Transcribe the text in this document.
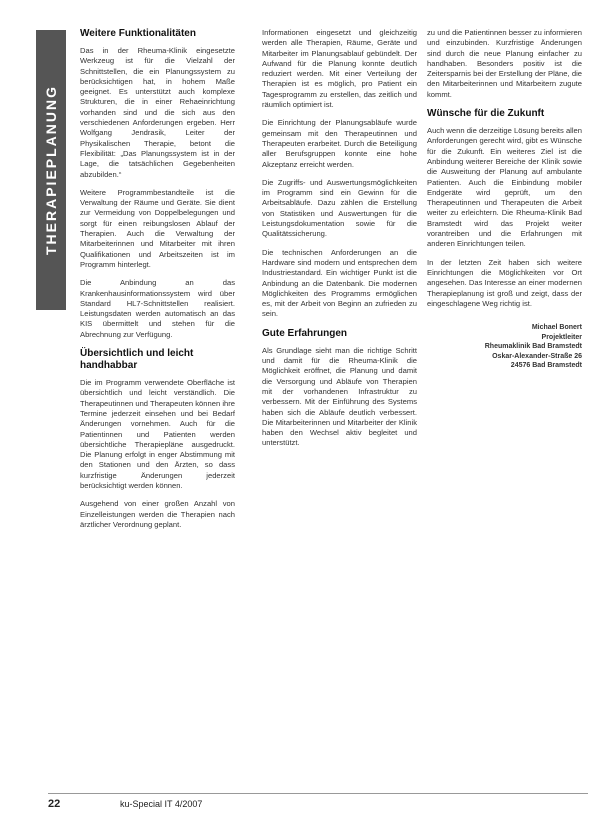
THERAPIEPLANUNG
Weitere Funktionalitäten

Das in der Rheuma-Klinik eingesetzte Werkzeug ist für die Vielzahl der Schnittstellen, die ein Planungssystem zu berücksichtigen hat, in hohem Maße geeignet. Es unterstützt auch komplexe Strukturen, die in einer Rehaeinrichtung vorhanden sind und die sich aus den verschiedenen Anforderungen ergeben. Herr Wolfgang Jendrasik, Leiter der Physikalischen Therapie, betont die Flexibilität: „Das Planungssystem ist in der Lage, die tatsächlichen Gegebenheiten abzubilden.“

Weitere Programmbestandteile ist die Verwaltung der Räume und Geräte. Sie dient zur Vermeidung von Doppelbelegungen und sorgt für einen reibungslosen Ablauf der Therapien. Auch die Verwaltung der Mitarbeiterinnen und Mitarbeiter mit ihren Qualifikationen und Arbeitszeiten ist im Programm hinterlegt.

Die Anbindung an das Krankenhausinformationssystem wird über Standard HL7-Schnittstellen realisiert. Leistungsdaten werden automatisch an das KIS übermittelt und stehen für die Abrechnung zur Verfügung.

Übersichtlich und leicht handhabbar

Die im Programm verwendete Oberfläche ist übersichtlich und leicht verständlich. Die Therapeutinnen und Therapeuten können ihre Termine jederzeit einsehen und bei Bedarf Änderungen vornehmen. Auch für die Patientinnen und Patienten werden übersichtliche Therapiepläne ausgedruckt. Die Planung erfolgt in enger Abstimmung mit den Stationen und den Ärzten, so dass kurzfristige Änderungen jederzeit berücksichtigt werden können.

Ausgehend von einer großen Anzahl von Einzelleistungen werden die Therapien nach ärztlicher Verordnung geplant.

Informationen eingesetzt und gleichzeitig werden alle Therapien, Räume, Geräte und Mitarbeiter im Planungsablauf gebündelt. Der Aufwand für die Planung konnte deutlich reduziert werden. Mit einer Verteilung der Therapien ist es möglich, pro Patient ein Tagesprogramm zu erstellen, das zeitlich und räumlich optimiert ist.

Die Einrichtung der Planungsabläufe wurde gemeinsam mit den Therapeutinnen und Therapeuten erarbeitet. Durch die Beteiligung aller Berufsgruppen konnte eine hohe Akzeptanz erreicht werden.

Die Zugriffs- und Auswertungsmöglichkeiten im Programm sind ein Gewinn für die Arbeitsabläufe. Dazu zählen die Erstellung von Statistiken und Auswertungen für die Leistungsdokumentation sowie für die Qualitätssicherung.

Die technischen Anforderungen an die Hardware sind modern und entsprechen dem Industriestandard. Ein wichtiger Punkt ist die Anbindung an die Datenbank. Die modernen Möglichkeiten des Programms ermöglichen es, mit der Arbeit von Beginn an zufrieden zu sein.

Gute Erfahrungen

Als Grundlage sieht man die richtige Schritt und damit für die Rheuma-Klinik die Möglichkeit eröffnet, die Planung und damit die Versorgung und Abläufe von Therapien mit der vorhandenen Infrastruktur zu verbessern. Mit der Einführung des Systems haben sich die Abläufe deutlich verbessert. Die Mitarbeiterinnen und Mitarbeiter der Klinik haben den Wechsel aktiv begleitet und unterstützt.

zu und die Patientinnen besser zu informieren und einzubinden. Kurzfristige Änderungen sind durch die neue Planung einfacher zu handhaben. Besonders positiv ist die Zeitersparnis bei der Erstellung der Pläne, die den Mitarbeiterinnen und Mitarbeitern zugute kommt.

Wünsche für die Zukunft

Auch wenn die derzeitige Lösung bereits allen Anforderungen gerecht wird, gibt es Wünsche für die Zukunft. Ein weiteres Ziel ist die Anbindung weiterer Bereiche der Klinik sowie die Ausweitung der Planung auf ambulante Patienten. Auch die Einbindung mobiler Endgeräte wird geprüft, um den Therapeutinnen und Therapeuten die Arbeit weiter zu erleichtern. Die Rheuma-Klinik Bad Bramstedt wird das Projekt weiter vorantreiben und die Erfahrungen mit anderen Einrichtungen teilen.

In der letzten Zeit haben sich weitere Einrichtungen die Möglichkeiten vor Ort angesehen. Das Interesse an einer modernen Therapieplanung ist groß und zeigt, dass der eingeschlagene Weg richtig ist.

Michael Bonert
Projektleiter
Rheumaklinik Bad Bramstedt
Oskar-Alexander-Straße 26
24576 Bad Bramstedt
22	ku-Special IT 4/2007
